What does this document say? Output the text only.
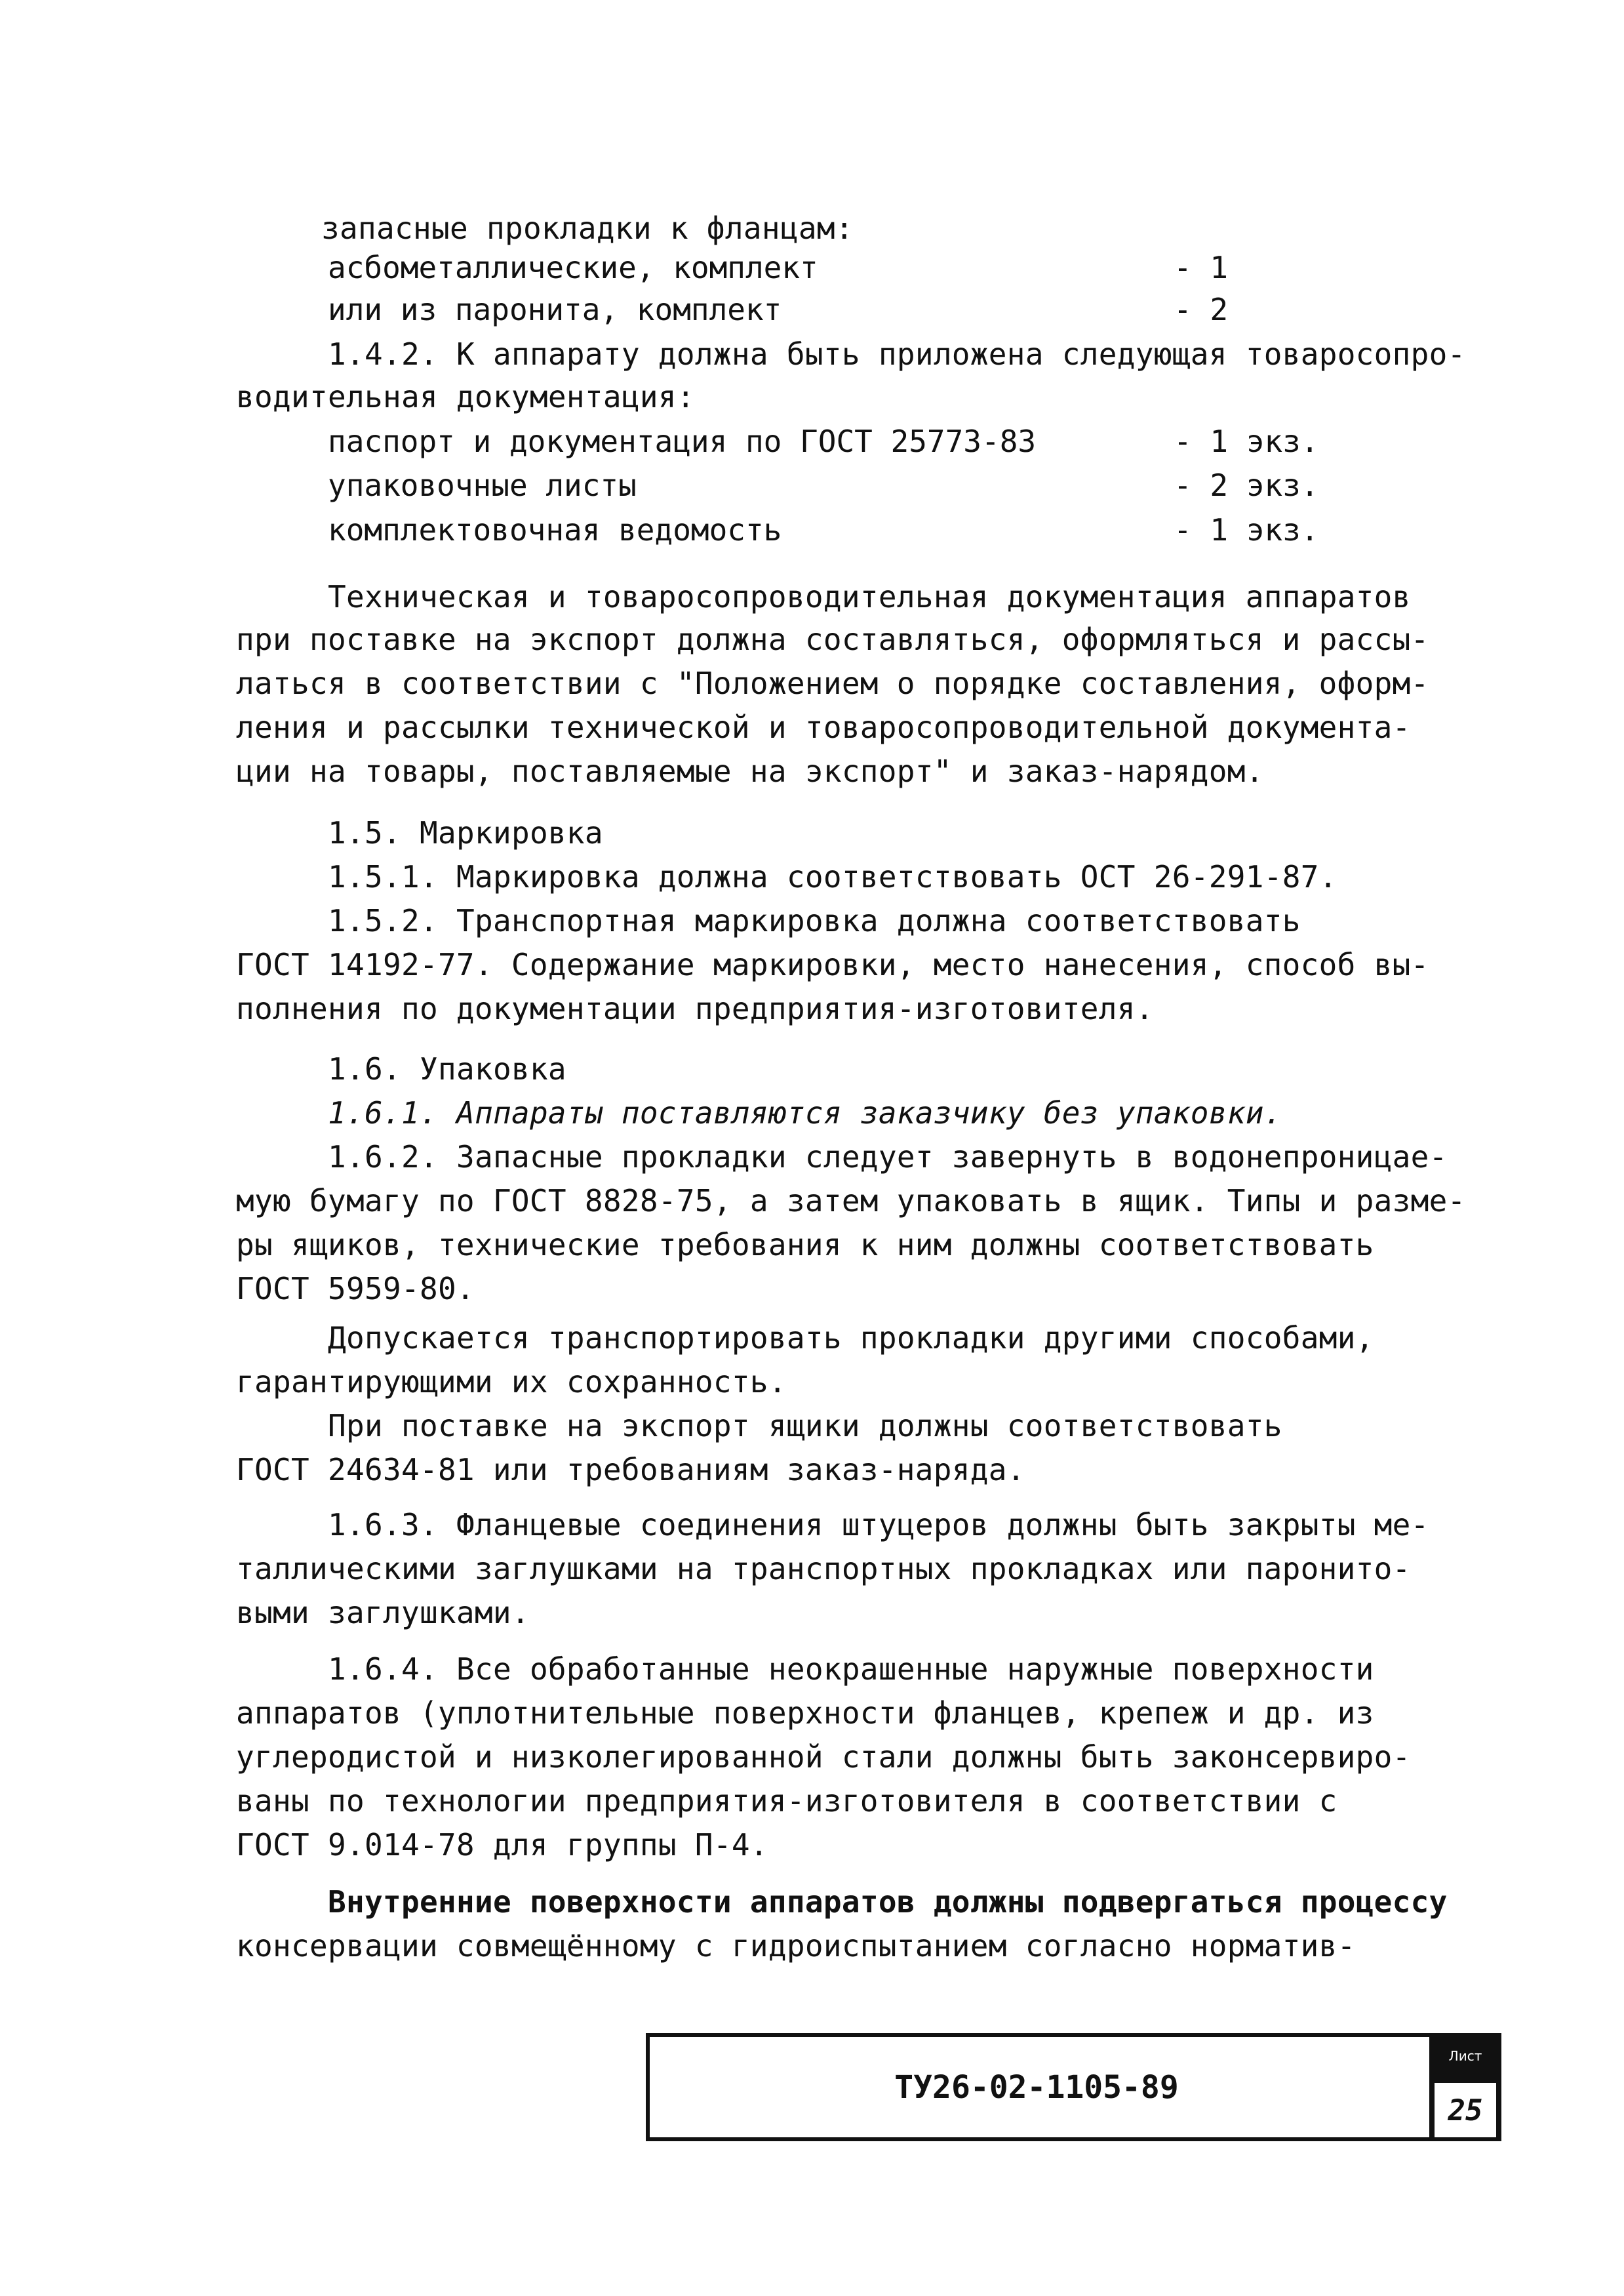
запасные прокладки к фланцам:
асбометаллические, комплект	- 1
или из паронита, комплект	- 2
1.4.2. К аппарату должна быть приложена следующая товаросопро-
водительная документация:
паспорт и документация по ГОСТ 25773-83	- 1 экз.
упаковочные листы	- 2 экз.
комплектовочная ведомость	- 1 экз.
Техническая и товаросопроводительная документация аппаратов
при поставке на экспорт должна составляться, оформляться и рассы-
латься в соответствии с "Положением о порядке составления, оформ-
ления и рассылки технической и товаросопроводительной документа-
ции на товары, поставляемые на экспорт" и заказ-нарядом.
1.5. Маркировка
1.5.1. Маркировка должна соответствовать ОСТ 26-291-87.
1.5.2. Транспортная маркировка должна соответствовать
ГОСТ 14192-77. Содержание маркировки, место нанесения, способ вы-
полнения по документации предприятия-изготовителя.
1.6. Упаковка
1.6.1. Аппараты поставляются заказчику без упаковки.
1.6.2. Запасные прокладки следует завернуть в водонепроницае-
мую бумагу по ГОСТ 8828-75, а затем упаковать в ящик. Типы и разме-
ры ящиков, технические требования к ним должны соответствовать
ГОСТ 5959-80.
Допускается транспортировать прокладки другими способами,
гарантирующими их сохранность.
При поставке на экспорт ящики должны соответствовать
ГОСТ 24634-81 или требованиям заказ-наряда.
1.6.3. Фланцевые соединения штуцеров должны быть закрыты ме-
таллическими заглушками на транспортных прокладках или паронито-
выми заглушками.
1.6.4. Все обработанные неокрашенные наружные поверхности
аппаратов (уплотнительные поверхности фланцев, крепеж и др. из
углеродистой и низколегированной стали должны быть законсервиро-
ваны по технологии предприятия-изготовителя в соответствии с
ГОСТ 9.014-78 для группы П-4.
Внутренние поверхности аппаратов должны подвергаться процессу
консервации совмещённому с гидроиспытанием согласно норматив-
ТУ26-02-1105-89
Лист
25
